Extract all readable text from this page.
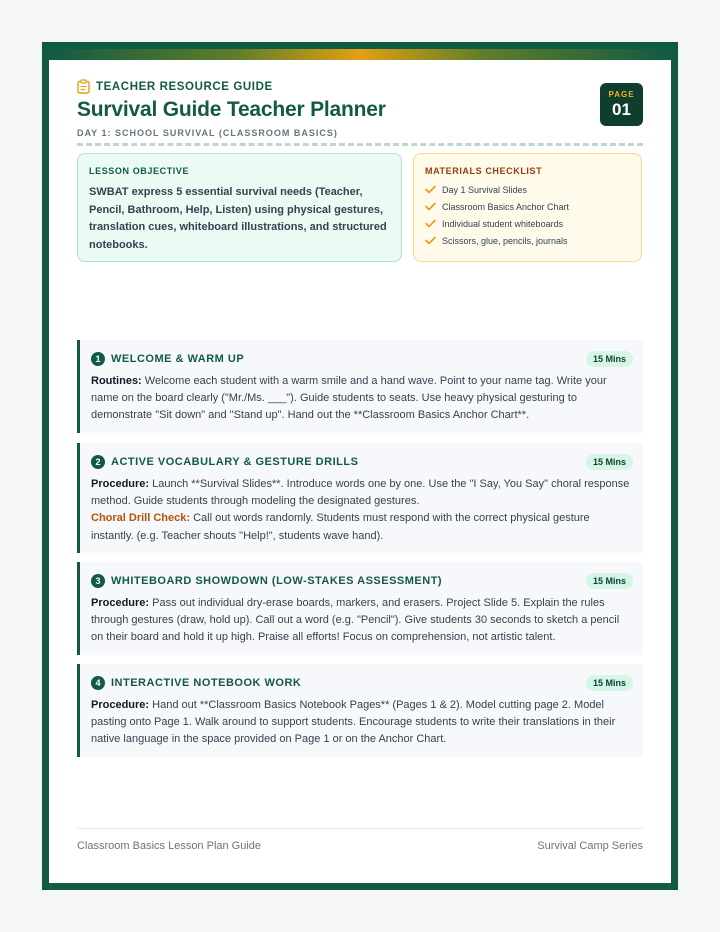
TEACHER RESOURCE GUIDE
Survival Guide Teacher Planner
DAY 1: SCHOOL SURVIVAL (CLASSROOM BASICS)
PAGE
01
LESSON OBJECTIVE
SWBAT express 5 essential survival needs (Teacher, Pencil, Bathroom, Help, Listen) using physical gestures, translation cues, whiteboard illustrations, and structured notebooks.
MATERIALS CHECKLIST
Day 1 Survival Slides
Classroom Basics Anchor Chart
Individual student whiteboards
Scissors, glue, pencils, journals
1 WELCOME & WARM UP	15 Mins
Routines: Welcome each student with a warm smile and a hand wave. Point to your name tag. Write your name on the board clearly ("Mr./Ms. ___"). Guide students to seats. Use heavy physical gesturing to demonstrate "Sit down" and "Stand up". Hand out the **Classroom Basics Anchor Chart**.
2 ACTIVE VOCABULARY & GESTURE DRILLS	15 Mins
Procedure: Launch **Survival Slides**. Introduce words one by one. Use the "I Say, You Say" choral response method. Guide students through modeling the designated gestures.
Choral Drill Check: Call out words randomly. Students must respond with the correct physical gesture instantly. (e.g. Teacher shouts "Help!", students wave hand).
3 WHITEBOARD SHOWDOWN (LOW-STAKES ASSESSMENT)	15 Mins
Procedure: Pass out individual dry-erase boards, markers, and erasers. Project Slide 5. Explain the rules through gestures (draw, hold up). Call out a word (e.g. "Pencil"). Give students 30 seconds to sketch a pencil on their board and hold it up high. Praise all efforts! Focus on comprehension, not artistic talent.
4 INTERACTIVE NOTEBOOK WORK	15 Mins
Procedure: Hand out **Classroom Basics Notebook Pages** (Pages 1 & 2). Model cutting page 2. Model pasting onto Page 1. Walk around to support students. Encourage students to write their translations in their native language in the space provided on Page 1 or on the Anchor Chart.
Classroom Basics Lesson Plan Guide	Survival Camp Series
